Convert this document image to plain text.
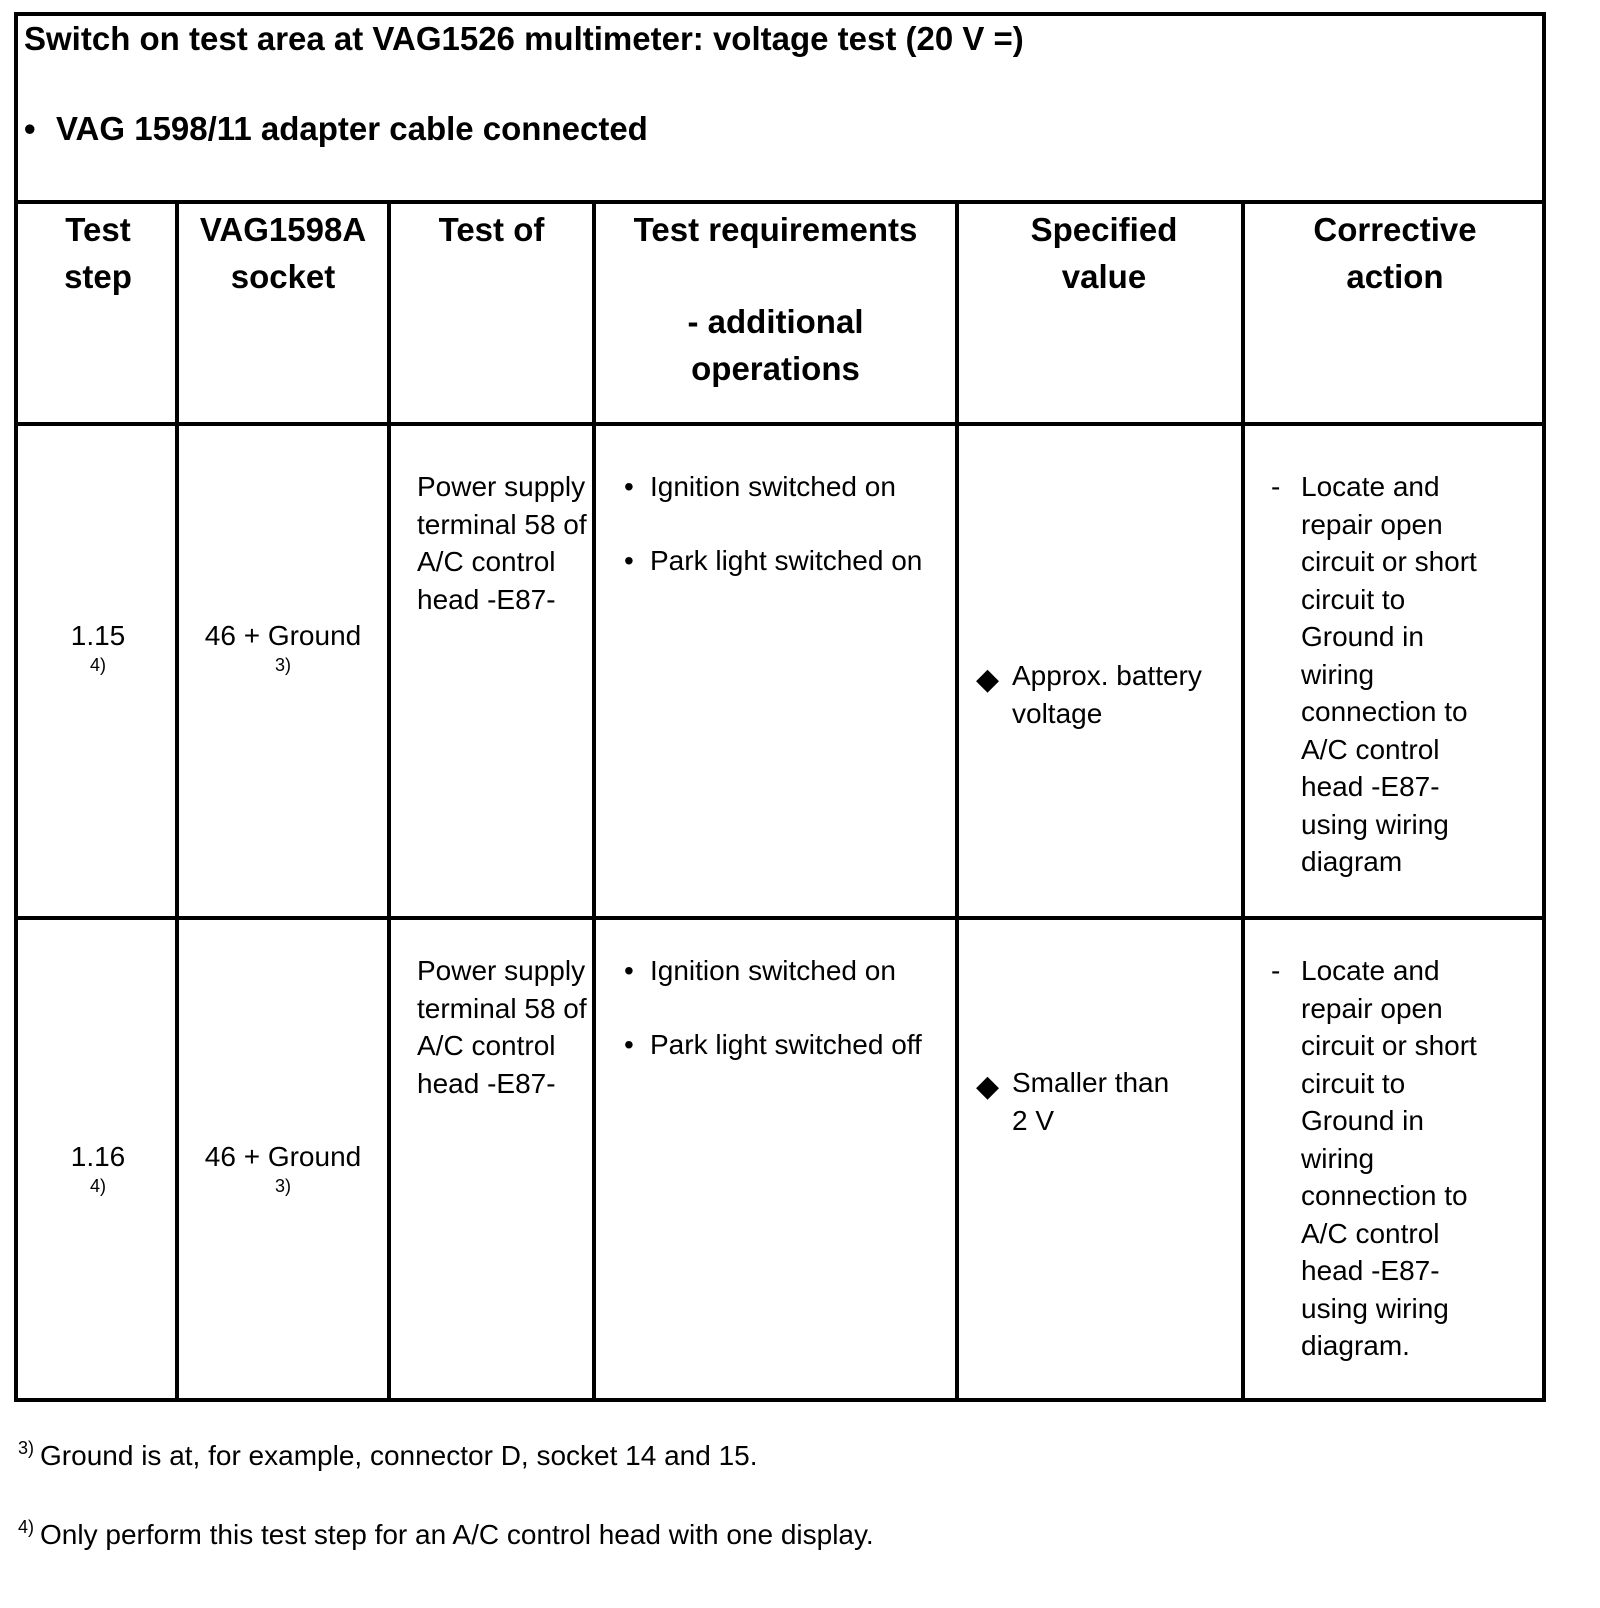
Switch on test area at VAG1526 multimeter: voltage test (20 V =)
• VAG 1598/11 adapter cable connected
Test step
VAG1598A socket
Test of	Test requirements
- additional operations
Specified value
Corrective action
1.15
4)
46 + Ground
3)
Power supply terminal 58 of A/C control head -E87-
• Ignition switched on
• Park light switched on
◆ Approx. battery voltage
- Locate and repair open circuit or short circuit to Ground in wiring connection to A/C control head -E87- using wiring diagram
1.16
4)
46 + Ground
3)
Power supply terminal 58 of A/C control head -E87-
• Ignition switched on
• Park light switched off
◆ Smaller than 2 V
- Locate and repair open circuit or short circuit to Ground in wiring connection to A/C control head -E87- using wiring diagram.
$^{3)}$ Ground is at, for example, connector D, socket 14 and 15.
$^{4)}$ Only perform this test step for an A/C control head with one display.
